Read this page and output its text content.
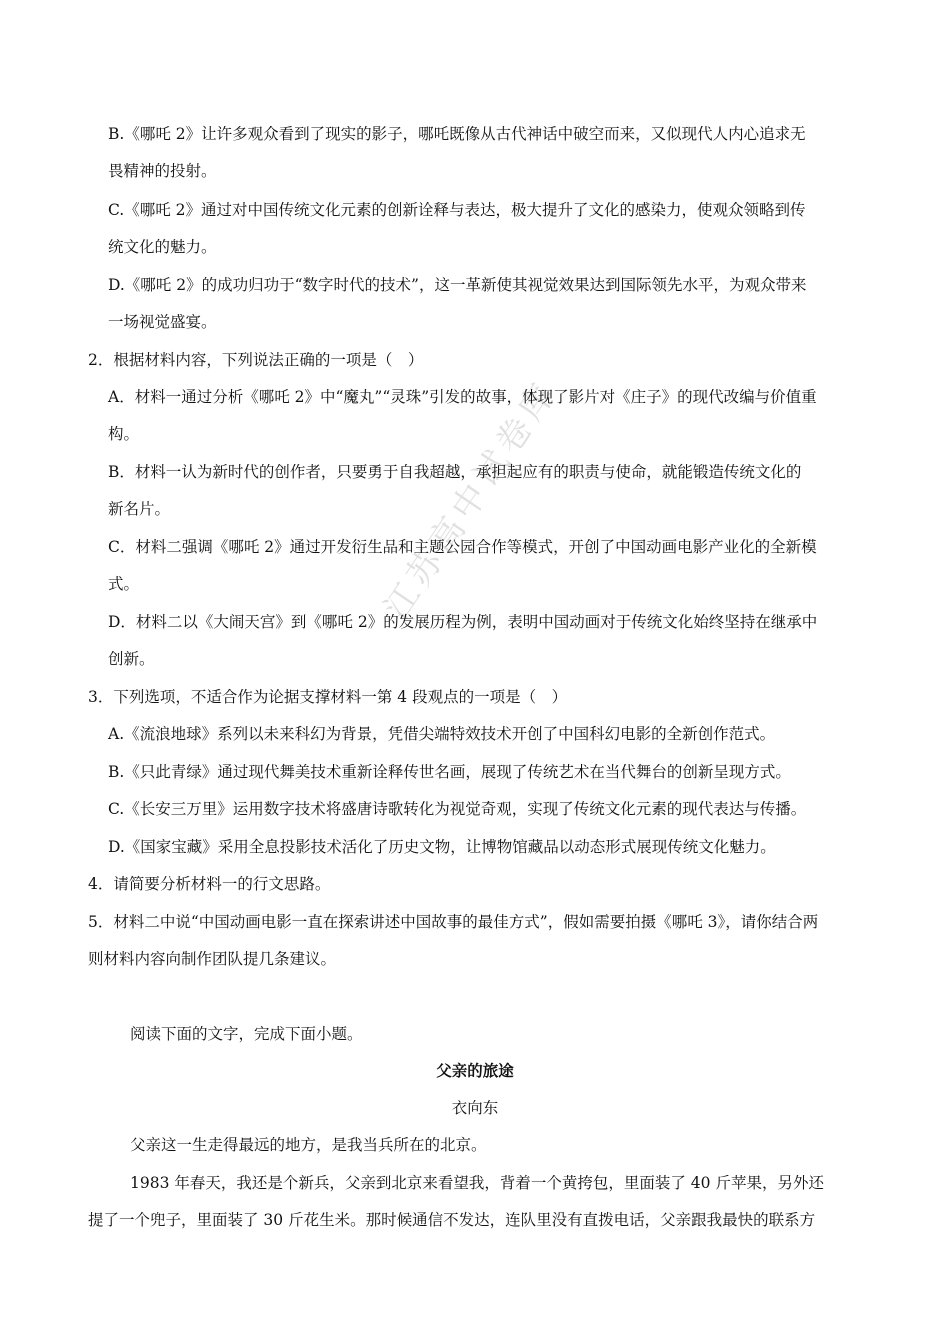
江苏高中试卷库
B.《哪吒 2》让许多观众看到了现实的影子，哪吒既像从古代神话中破空而来，又似现代人内心追求无
畏精神的投射。
C.《哪吒 2》通过对中国传统文化元素的创新诠释与表达，极大提升了文化的感染力，使观众领略到传
统文化的魅力。
D.《哪吒 2》的成功归功于“数字时代的技术”，这一革新使其视觉效果达到国际领先水平，为观众带来
一场视觉盛宴。
2．根据材料内容，下列说法正确的一项是（　）
A．材料一通过分析《哪吒 2》中“魔丸”“灵珠”引发的故事，体现了影片对《庄子》的现代改编与价值重
构。
B．材料一认为新时代的创作者，只要勇于自我超越，承担起应有的职责与使命，就能锻造传统文化的
新名片。
C．材料二强调《哪吒 2》通过开发衍生品和主题公园合作等模式，开创了中国动画电影产业化的全新模
式。
D．材料二以《大闹天宫》到《哪吒 2》的发展历程为例，表明中国动画对于传统文化始终坚持在继承中
创新。
3．下列选项，不适合作为论据支撑材料一第 4 段观点的一项是（　）
A.《流浪地球》系列以未来科幻为背景，凭借尖端特效技术开创了中国科幻电影的全新创作范式。
B.《只此青绿》通过现代舞美技术重新诠释传世名画，展现了传统艺术在当代舞台的创新呈现方式。
C.《长安三万里》运用数字技术将盛唐诗歌转化为视觉奇观，实现了传统文化元素的现代表达与传播。
D.《国家宝藏》采用全息投影技术活化了历史文物，让博物馆藏品以动态形式展现传统文化魅力。
4．请简要分析材料一的行文思路。
5．材料二中说“中国动画电影一直在探索讲述中国故事的最佳方式”，假如需要拍摄《哪吒 3》，请你结合两
则材料内容向制作团队提几条建议。
阅读下面的文字，完成下面小题。
父亲的旅途
衣向东
父亲这一生走得最远的地方，是我当兵所在的北京。
1983 年春天，我还是个新兵，父亲到北京来看望我，背着一个黄挎包，里面装了 40 斤苹果，另外还
提了一个兜子，里面装了 30 斤花生米。那时候通信不发达，连队里没有直拨电话，父亲跟我最快的联系方
